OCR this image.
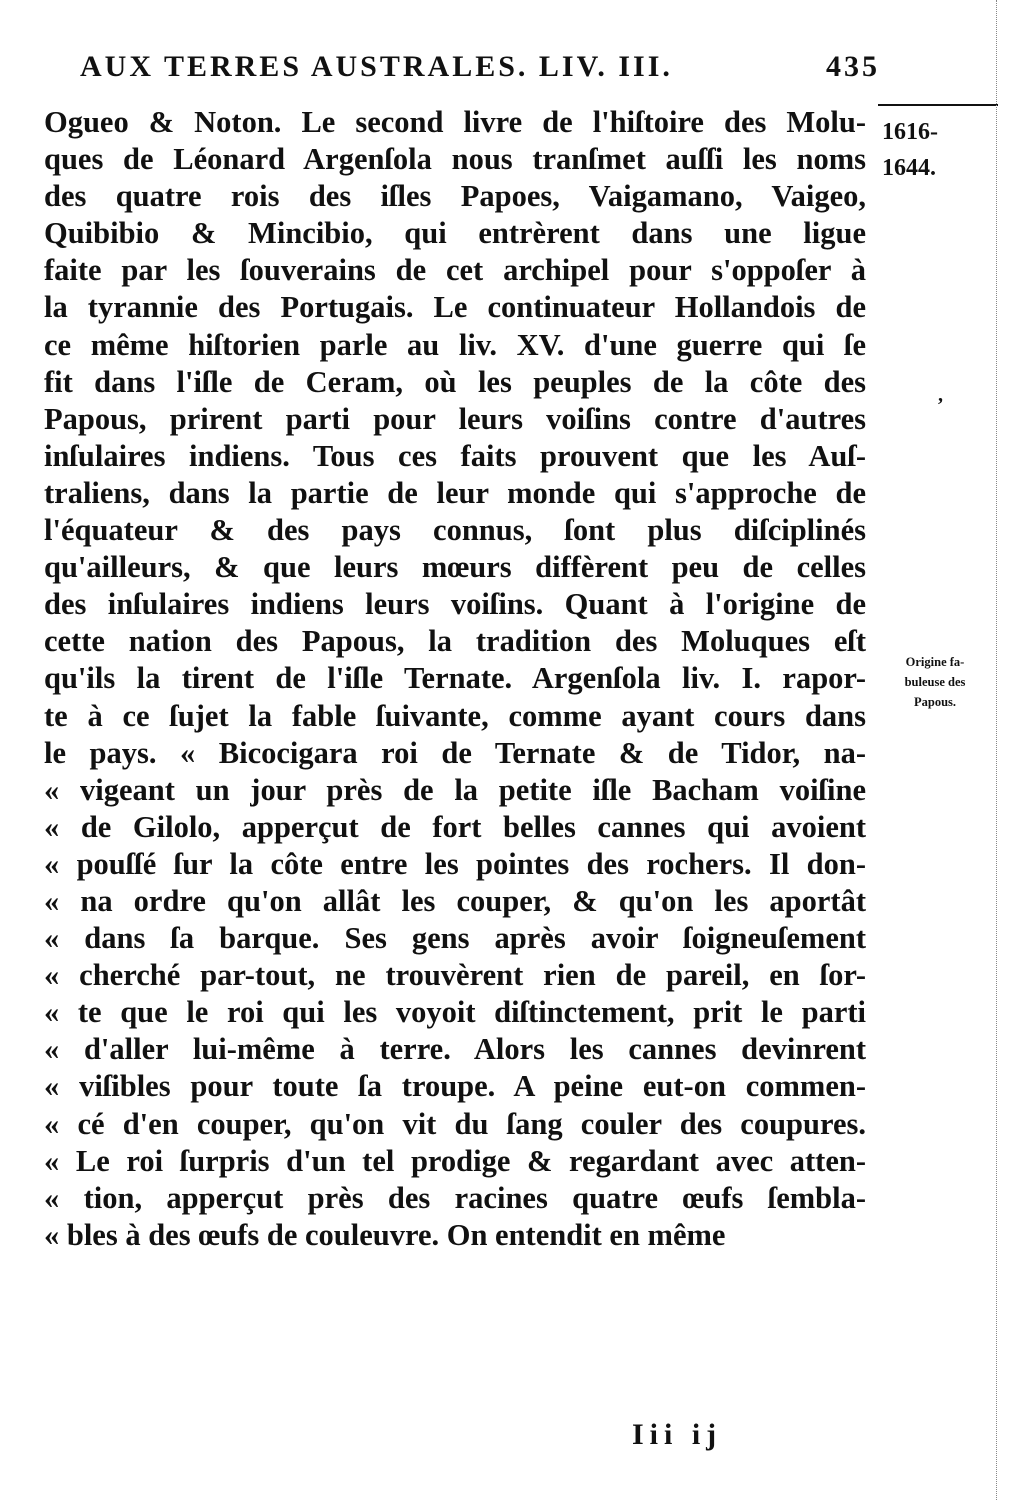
AUX TERRES AUSTRALES. LIV. III.	435
Ogueo & Noton. Le second livre de l'hiſtoire des Molu-
ques de Léonard Argenſola nous tranſmet auſſi les noms
des quatre rois des iſles Papoes, Vaigamano, Vaigeo,
Quibibio & Mincibio, qui entrèrent dans une ligue
faite par les ſouverains de cet archipel pour s'oppoſer à
la tyrannie des Portugais. Le continuateur Hollandois de
ce même hiſtorien parle au liv. XV. d'une guerre qui ſe
fit dans l'iſle de Ceram, où les peuples de la côte des
Papous, prirent parti pour leurs voiſins contre d'autres
inſulaires indiens. Tous ces faits prouvent que les Auſ-
traliens, dans la partie de leur monde qui s'approche de
l'équateur & des pays connus, ſont plus diſciplinés
qu'ailleurs, & que leurs mœurs diffèrent peu de celles
des inſulaires indiens leurs voiſins. Quant à l'origine de
cette nation des Papous, la tradition des Moluques eſt
qu'ils la tirent de l'iſle Ternate. Argenſola liv. I. rapor-
te à ce ſujet la fable ſuivante, comme ayant cours dans
le pays. « Bicocigara roi de Ternate & de Tidor, na-
« vigeant un jour près de la petite iſle Bacham voiſine
« de Gilolo, apperçut de fort belles cannes qui avoient
« pouſſé ſur la côte entre les pointes des rochers. Il don-
« na ordre qu'on allât les couper, & qu'on les aportât
« dans ſa barque. Ses gens après avoir ſoigneuſement
« cherché par-tout, ne trouvèrent rien de pareil, en ſor-
« te que le roi qui les voyoit diſtinctement, prit le parti
« d'aller lui-même à terre. Alors les cannes devinrent
« viſibles pour toute ſa troupe. A peine eut-on commen-
« cé d'en couper, qu'on vit du ſang couler des coupures.
« Le roi ſurpris d'un tel prodige & regardant avec atten-
« tion, apperçut près des racines quatre œufs ſembla-
« bles à des œufs de couleuvre. On entendit en même
1616-
1644.
,
Origine fa-
buleuse des
Papous.
Iii ij
